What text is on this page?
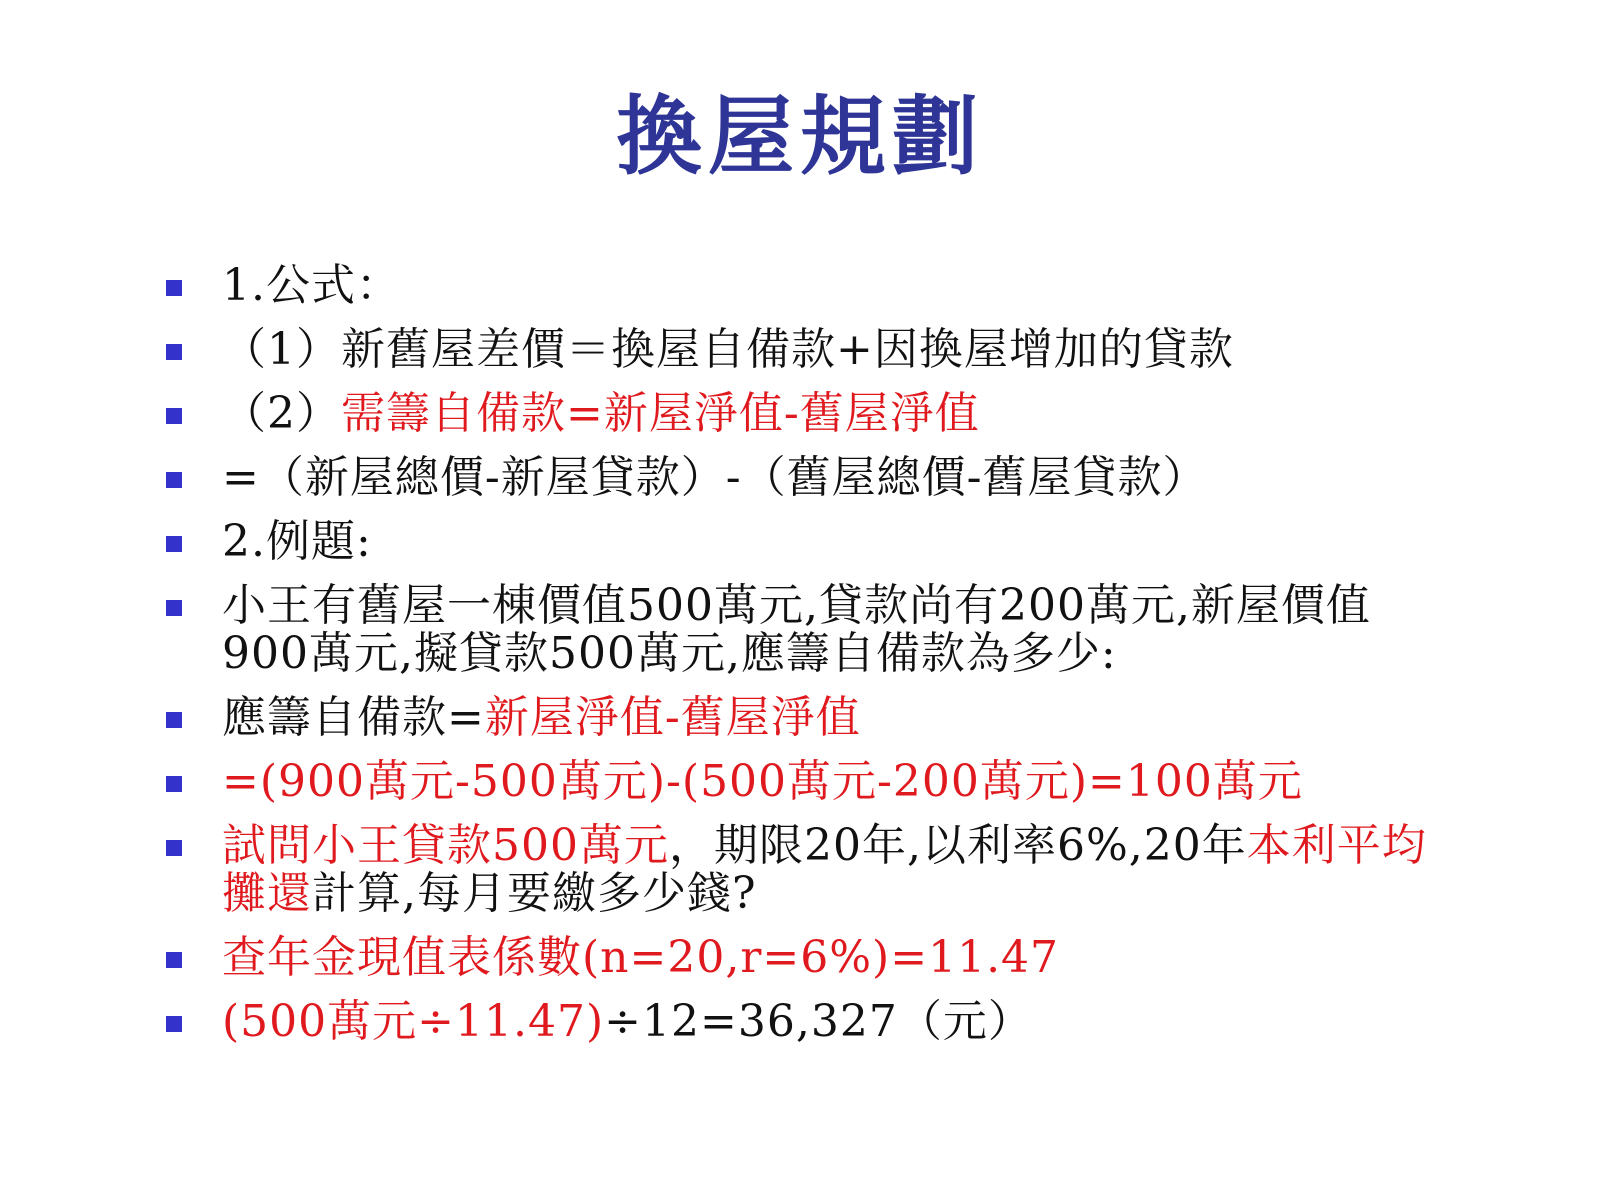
換屋規劃
1.公式：
（1）新舊屋差價＝換屋自備款+因換屋增加的貸款
（2）需籌自備款=新屋淨值-舊屋淨值
=（新屋總價-新屋貸款）-（舊屋總價-舊屋貸款）
2.例題:
小王有舊屋一棟價值500萬元,貸款尚有200萬元,新屋價值900萬元,擬貸款500萬元,應籌自備款為多少:
應籌自備款=新屋淨值-舊屋淨值
=(900萬元-500萬元)-(500萬元-200萬元)=100萬元
試問小王貸款500萬元，期限20年,以利率6%,20年本利平均攤還計算,每月要繳多少錢?
查年金現值表係數(n=20,r=6%)=11.47
(500萬元÷11.47)÷12=36,327（元）
